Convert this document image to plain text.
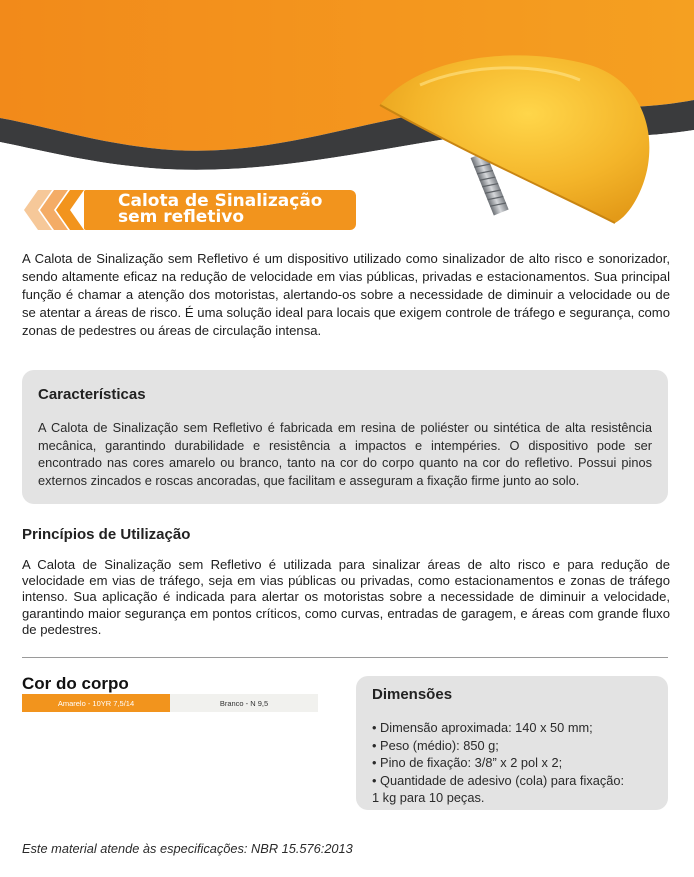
Calota de Sinalização
sem refletivo

A Calota de Sinalização sem Refletivo é um dispositivo utilizado como sinalizador de alto risco e sonorizador, sendo altamente eficaz na redução de velocidade em vias públicas, privadas e estacionamentos. Sua principal função é chamar a atenção dos motoristas, alertando-os sobre a necessidade de diminuir a velocidade ou de se atentar a áreas de risco. É uma solução ideal para locais que exigem controle de tráfego e segurança, como zonas de pedestres ou áreas de circulação intensa.

Características

A Calota de Sinalização sem Refletivo é fabricada em resina de poliéster ou sintética de alta resistência mecânica, garantindo durabilidade e resistência a impactos e intempéries. O dispositivo pode ser encontrado nas cores amarelo ou branco, tanto na cor do corpo quanto na cor do refletivo. Possui pinos externos zincados e roscas ancoradas, que facilitam e asseguram a fixação firme junto ao solo.

Princípios de Utilização

A Calota de Sinalização sem Refletivo é utilizada para sinalizar áreas de alto risco e para redução de velocidade em vias de tráfego, seja em vias públicas ou privadas, como estacionamentos e zonas de tráfego intenso. Sua aplicação é indicada para alertar os motoristas sobre a necessidade de diminuir a velocidade, garantindo maior segurança em pontos críticos, como curvas, entradas de garagem, e áreas com grande fluxo de pedestres.

Cor do corpo
Amarelo - 10YR 7,5/14	Branco - N 9,5	Dimensões
• Dimensão aproximada: 140 x 50 mm;
• Peso (médio): 850 g;
• Pino de fixação: 3/8” x 2 pol x 2;
• Quantidade de adesivo (cola) para fixação:
1 kg para 10 peças.

Este material atende às especificações: NBR 15.576:2013
